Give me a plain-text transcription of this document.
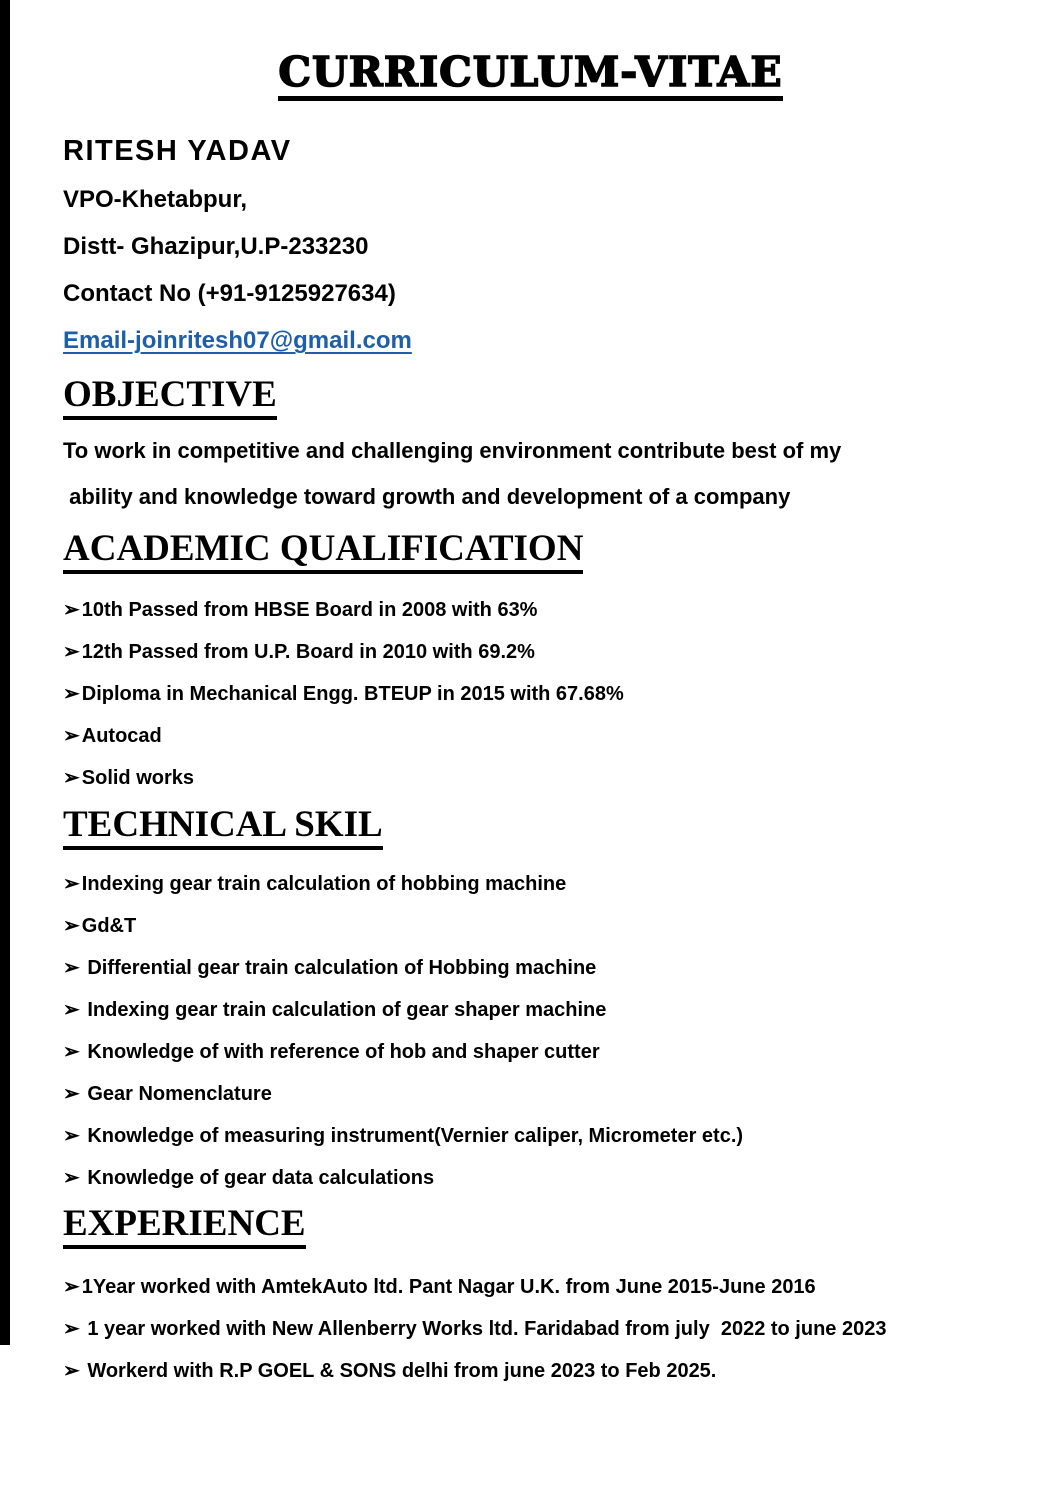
CURRICULUM-VITAE
RITESH YADAV
VPO-Khetabpur,
Distt- Ghazipur,U.P-233230
Contact No (+91-9125927634)
Email-joinritesh07@gmail.com
OBJECTIVE
To work in competitive and challenging environment contribute best of my
ability and knowledge toward growth and development of a company
ACADEMIC QUALIFICATION
➢ 10th Passed from HBSE Board in 2008 with 63%
➢ 12th Passed from U.P. Board in 2010 with 69.2%
➢ Diploma in Mechanical Engg. BTEUP in 2015 with 67.68%
➢ Autocad
➢ Solid works
TECHNICAL SKIL
➢ Indexing gear train calculation of hobbing machine
➢ Gd&T
➢ Differential gear train calculation of Hobbing machine
➢ Indexing gear train calculation of gear shaper machine
➢ Knowledge of with reference of hob and shaper cutter
➢ Gear Nomenclature
➢ Knowledge of measuring instrument(Vernier caliper, Micrometer etc.)
➢ Knowledge of gear data calculations
EXPERIENCE
➢ 1Year worked with AmtekAuto ltd. Pant Nagar U.K. from June 2015-June 2016
➢ 1 year worked with New Allenberry Works ltd. Faridabad from july  2022 to june 2023
➢ Workerd with R.P GOEL & SONS delhi from june 2023 to Feb 2025.
